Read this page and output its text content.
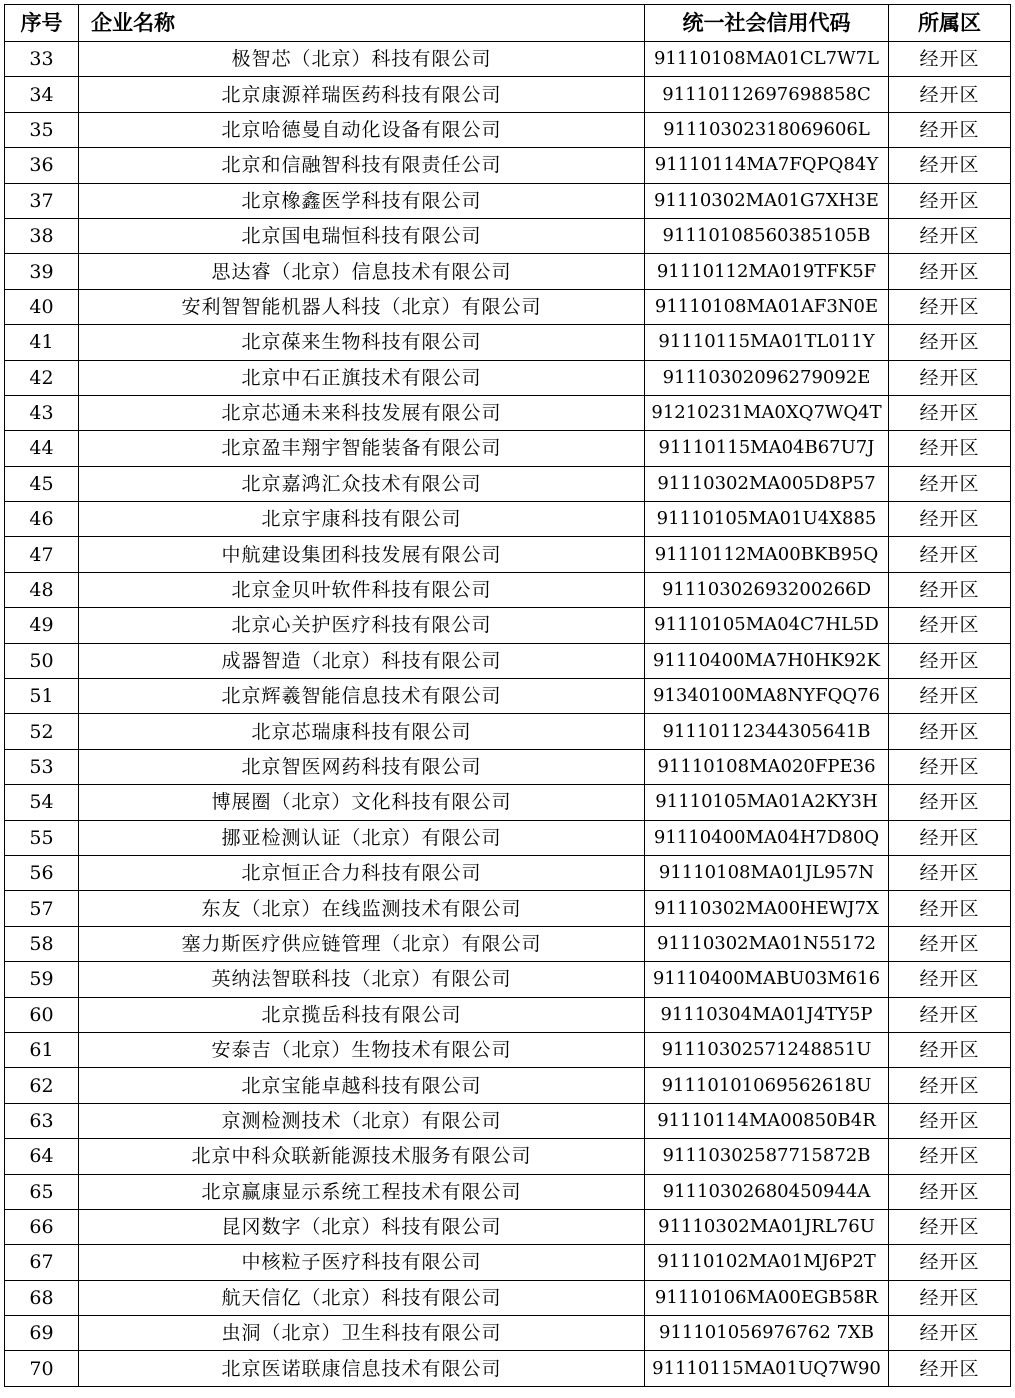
序号	企业名称	统一社会信用代码	所属区
33	极智芯（北京）科技有限公司	91110108MA01CL7W7L	经开区
34	北京康源祥瑞医药科技有限公司	91110112697698858C	经开区
35	北京哈德曼自动化设备有限公司	91110302318069606L	经开区
36	北京和信融智科技有限责任公司	91110114MA7FQPQ84Y	经开区
37	北京橡鑫医学科技有限公司	91110302MA01G7XH3E	经开区
38	北京国电瑞恒科技有限公司	91110108560385105B	经开区
39	思达睿（北京）信息技术有限公司	91110112MA019TFK5F	经开区
40	安利智智能机器人科技（北京）有限公司	91110108MA01AF3N0E	经开区
41	北京葆来生物科技有限公司	91110115MA01TL011Y	经开区
42	北京中石正旗技术有限公司	91110302096279092E	经开区
43	北京芯通未来科技发展有限公司	91210231MA0XQ7WQ4T	经开区
44	北京盈丰翔宇智能装备有限公司	91110115MA04B67U7J	经开区
45	北京嘉鸿汇众技术有限公司	91110302MA005D8P57	经开区
46	北京宇康科技有限公司	91110105MA01U4X885	经开区
47	中航建设集团科技发展有限公司	91110112MA00BKB95Q	经开区
48	北京金贝叶软件科技有限公司	91110302693200266D	经开区
49	北京心关护医疗科技有限公司	91110105MA04C7HL5D	经开区
50	成器智造（北京）科技有限公司	91110400MA7H0HK92K	经开区
51	北京辉羲智能信息技术有限公司	91340100MA8NYFQQ76	经开区
52	北京芯瑞康科技有限公司	91110112344305641B	经开区
53	北京智医网药科技有限公司	91110108MA020FPE36	经开区
54	博展圈（北京）文化科技有限公司	91110105MA01A2KY3H	经开区
55	挪亚检测认证（北京）有限公司	91110400MA04H7D80Q	经开区
56	北京恒正合力科技有限公司	91110108MA01JL957N	经开区
57	东友（北京）在线监测技术有限公司	91110302MA00HEWJ7X	经开区
58	塞力斯医疗供应链管理（北京）有限公司	91110302MA01N55172	经开区
59	英纳法智联科技（北京）有限公司	91110400MABU03M616	经开区
60	北京揽岳科技有限公司	91110304MA01J4TY5P	经开区
61	安泰吉（北京）生物技术有限公司	91110302571248851U	经开区
62	北京宝能卓越科技有限公司	91110101069562618U	经开区
63	京测检测技术（北京）有限公司	91110114MA00850B4R	经开区
64	北京中科众联新能源技术服务有限公司	91110302587715872B	经开区
65	北京赢康显示系统工程技术有限公司	91110302680450944A	经开区
66	昆冈数字（北京）科技有限公司	91110302MA01JRL76U	经开区
67	中核粒子医疗科技有限公司	91110102MA01MJ6P2T	经开区
68	航天信亿（北京）科技有限公司	91110106MA00EGB58R	经开区
69	虫洞（北京）卫生科技有限公司	911101056976762 7XB	经开区
70	北京医诺联康信息技术有限公司	91110115MA01UQ7W90	经开区
